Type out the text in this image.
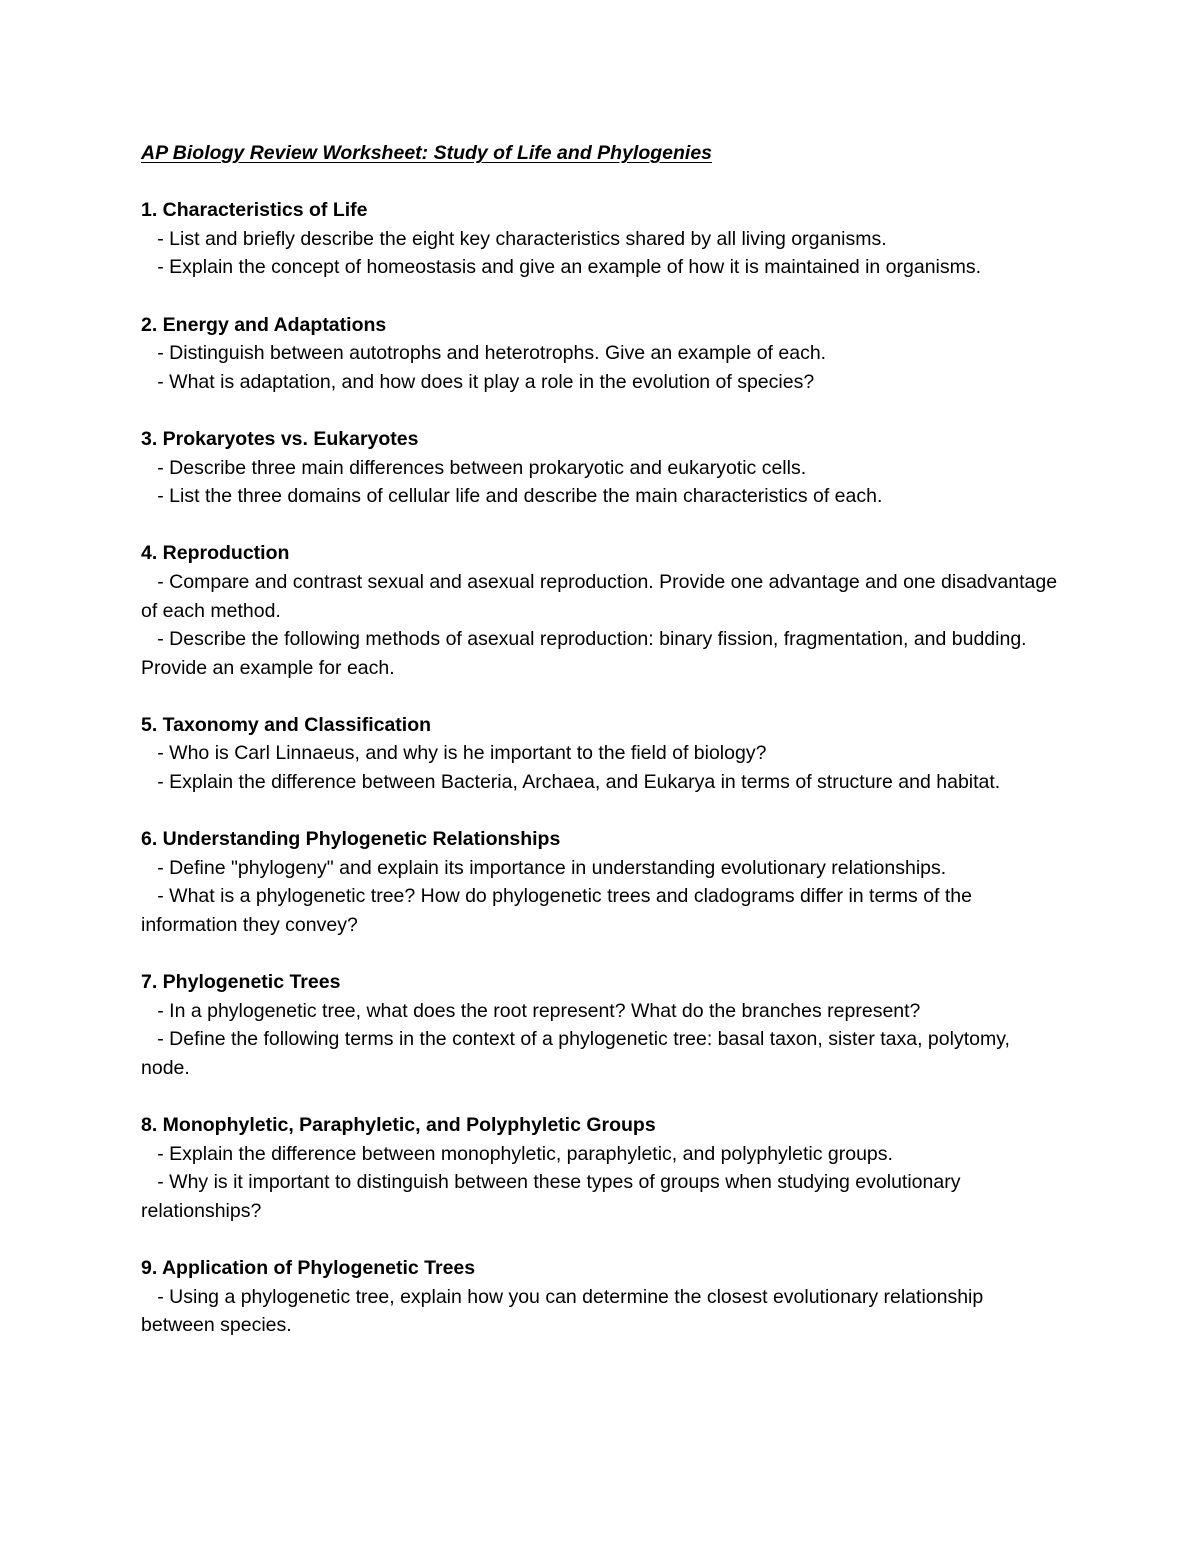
AP Biology Review Worksheet: Study of Life and Phylogenies
1. Characteristics of Life
- List and briefly describe the eight key characteristics shared by all living organisms.
- Explain the concept of homeostasis and give an example of how it is maintained in organisms.
2. Energy and Adaptations
- Distinguish between autotrophs and heterotrophs. Give an example of each.
- What is adaptation, and how does it play a role in the evolution of species?
3. Prokaryotes vs. Eukaryotes
- Describe three main differences between prokaryotic and eukaryotic cells.
- List the three domains of cellular life and describe the main characteristics of each.
4. Reproduction
- Compare and contrast sexual and asexual reproduction. Provide one advantage and one disadvantage of each method.
- Describe the following methods of asexual reproduction: binary fission, fragmentation, and budding. Provide an example for each.
5. Taxonomy and Classification
- Who is Carl Linnaeus, and why is he important to the field of biology?
- Explain the difference between Bacteria, Archaea, and Eukarya in terms of structure and habitat.
6. Understanding Phylogenetic Relationships
- Define "phylogeny" and explain its importance in understanding evolutionary relationships.
- What is a phylogenetic tree? How do phylogenetic trees and cladograms differ in terms of the information they convey?
7. Phylogenetic Trees
- In a phylogenetic tree, what does the root represent? What do the branches represent?
- Define the following terms in the context of a phylogenetic tree: basal taxon, sister taxa, polytomy, node.
8. Monophyletic, Paraphyletic, and Polyphyletic Groups
- Explain the difference between monophyletic, paraphyletic, and polyphyletic groups.
- Why is it important to distinguish between these types of groups when studying evolutionary relationships?
9. Application of Phylogenetic Trees
- Using a phylogenetic tree, explain how you can determine the closest evolutionary relationship between species.
